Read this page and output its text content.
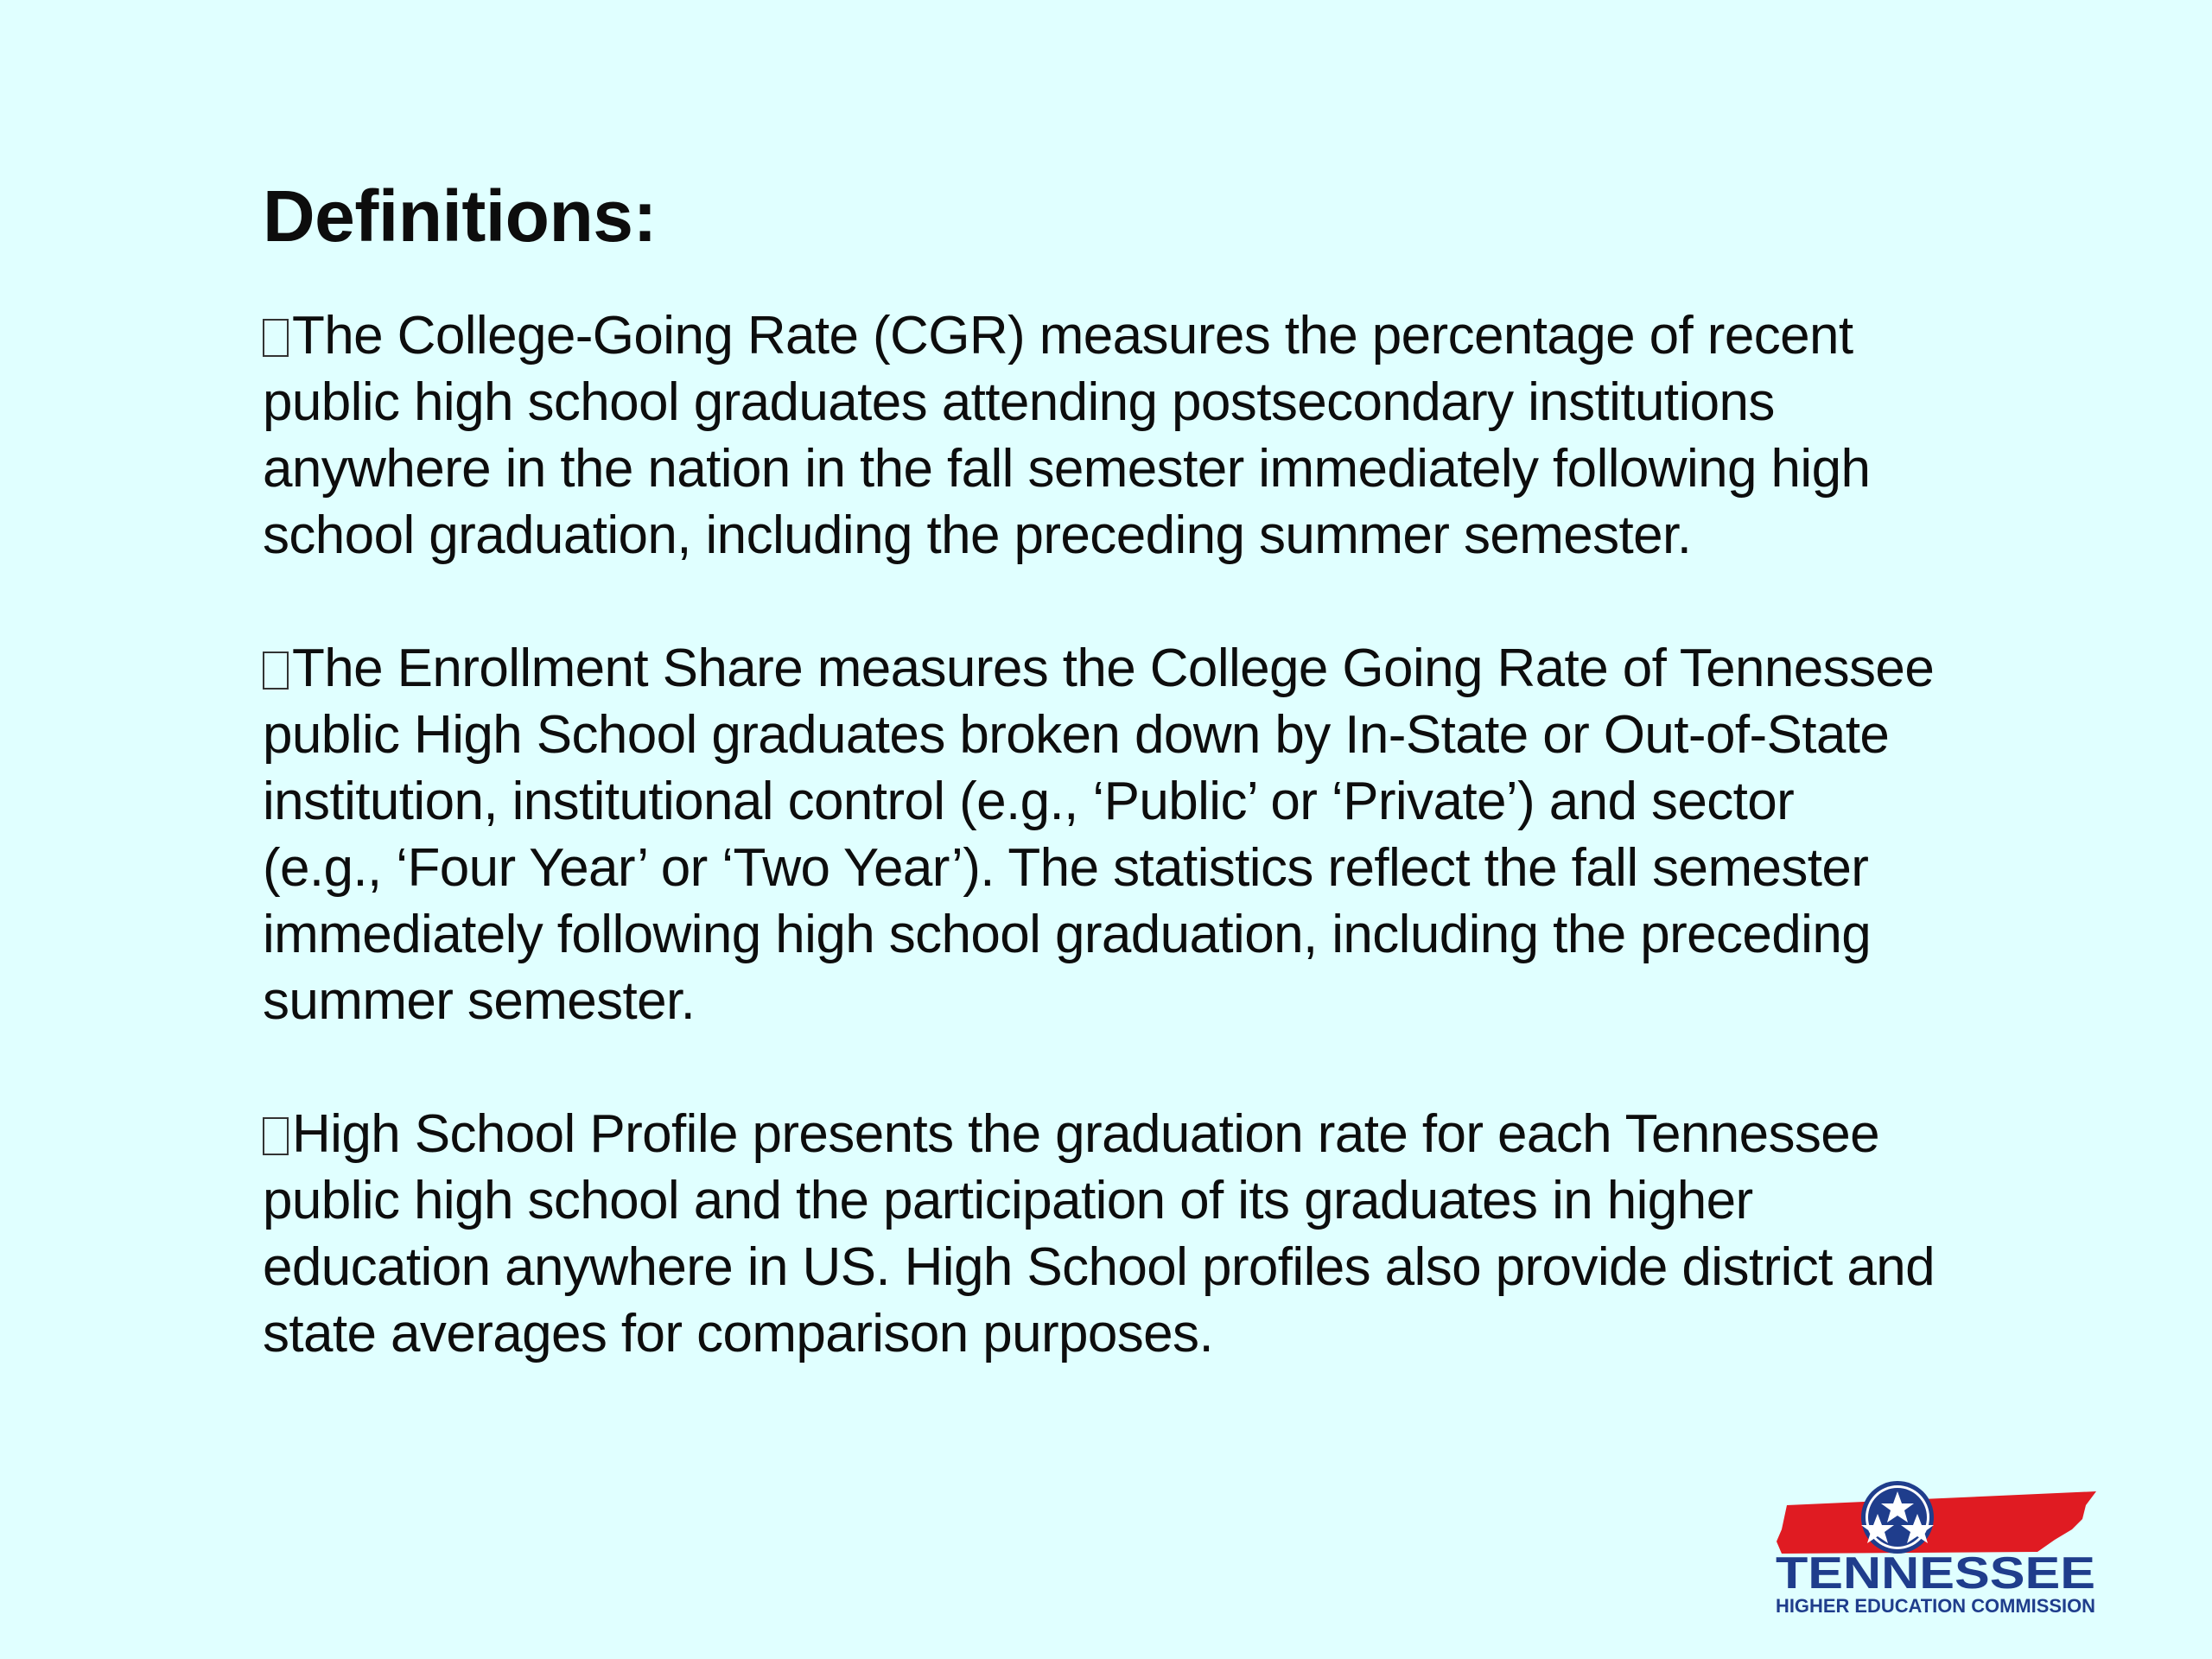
Definitions:

The College-Going Rate (CGR) measures the percentage of recent
public high school graduates attending postsecondary institutions
anywhere in the nation in the fall semester immediately following high
school graduation, including the preceding summer semester.

The Enrollment Share measures the College Going Rate of Tennessee
public High School graduates broken down by In-State or Out-of-State
institution, institutional control (e.g., ‘Public’ or ‘Private’) and sector
(e.g., ‘Four Year’ or ‘Two Year’). The statistics reflect the fall semester
immediately following high school graduation, including the preceding
summer semester.

High School Profile presents the graduation rate for each Tennessee
public high school and the participation of its graduates in higher
education anywhere in US. High School profiles also provide district and
state averages for comparison purposes.

TENNESSEE
HIGHER EDUCATION COMMISSION
